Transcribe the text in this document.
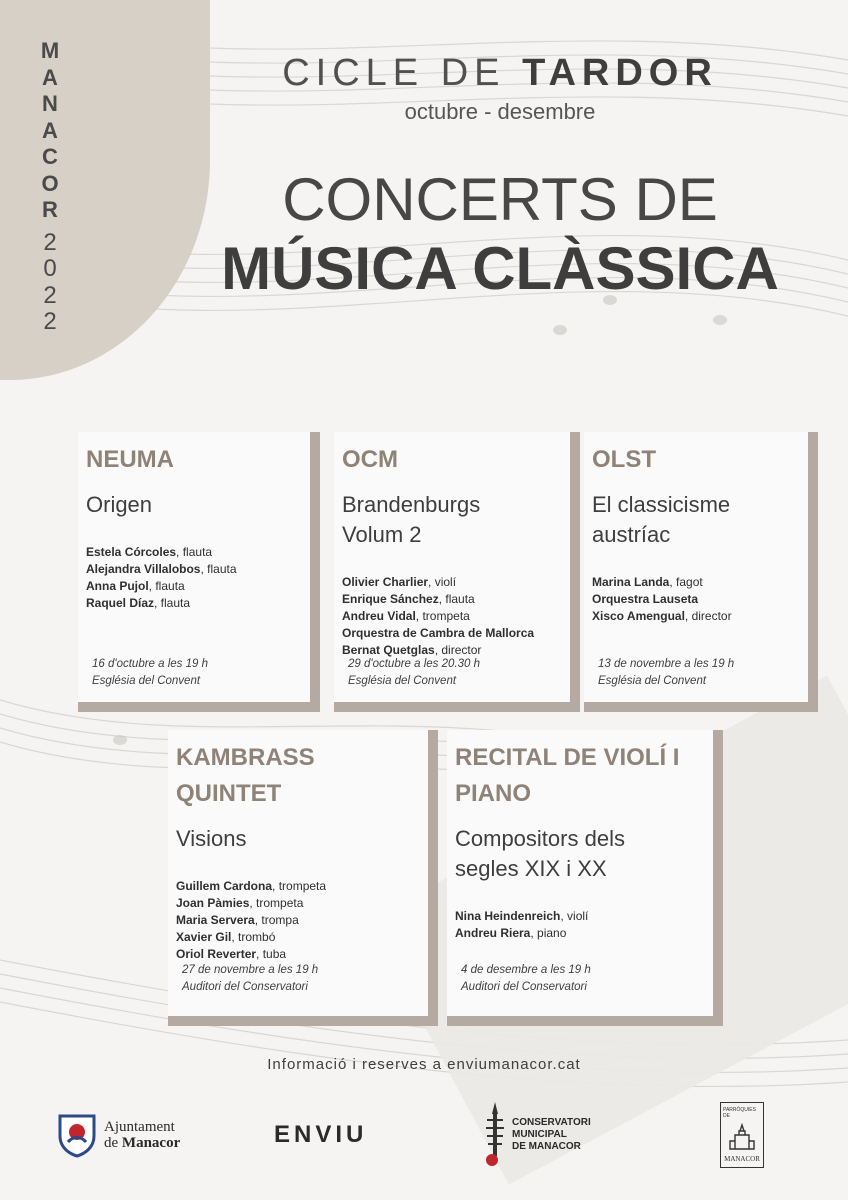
M
A
N
A
C
O
R
2
0
2
2
CICLE DE TARDOR
octubre - desembre
CONCERTS DE
MÚSICA CLÀSSICA
NEUMA
Origen
Estela Córcoles, flauta
Alejandra Villalobos, flauta
Anna Pujol, flauta
Raquel Díaz, flauta
16 d'octubre a les 19 h
Església del Convent
OCM
Brandenburgs Volum 2
Olivier Charlier, violí
Enrique Sánchez, flauta
Andreu Vidal, trompeta
Orquestra de Cambra de Mallorca
Bernat Quetglas, director
29 d'octubre a les 20.30 h
Església del Convent
OLST
El classicisme austríac
Marina Landa, fagot
Orquestra Lauseta
Xisco Amengual, director
13 de novembre a les 19 h
Església del Convent
KAMBRASS QUINTET
Visions
Guillem Cardona, trompeta
Joan Pàmies, trompeta
Maria Servera, trompa
Xavier Gil, trombó
Oriol Reverter, tuba
27 de novembre a les 19 h
Auditori del Conservatori
RECITAL DE VIOLÍ I PIANO
Compositors dels segles XIX i XX
Nina Heindenreich, violí
Andreu Riera, piano
4 de desembre a les 19 h
Auditori del Conservatori
Informació i reserves a enviumanacor.cat
Ajuntament
de Manacor	ENVIU	CONSERVATORI
MUNICIPAL
DE MANACOR
PARRÒQUIES DE
MANACOR
